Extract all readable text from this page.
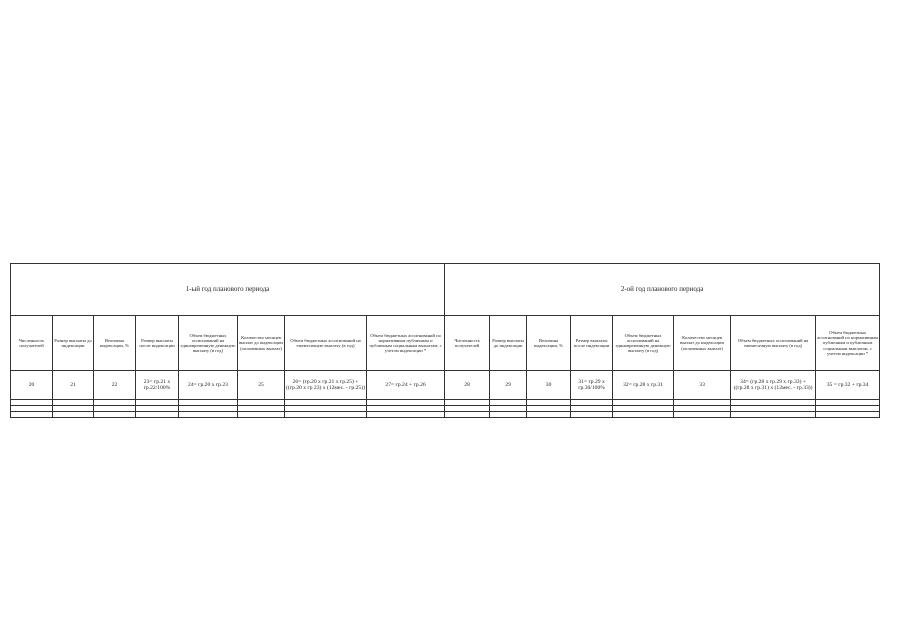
1-ый год планового периода								2-ой год планового периода							
Численность получателей	Размер выплаты до индексации	Величина индексации, %	Размер выплаты после индексации	Объем бюджетных ассигнований на единовременную денежную выплату (в год)	Количество месяцев выплат до индексации (оплаченных выплат)	Объем бюджетных ассигнований на ежемесячную выплату (в год)	Объем бюджетных ассигнований по нормативным публичным и публичным социальным выплатам, с учетом индексации *	Численность получателей	Размер выплаты до индексации	Величина индексации, %	Размер выплаты после индексации	Объем бюджетных ассигнований на единовременную денежную выплату (в год)	Количество месяцев выплат до индексации (оплаченных выплат)	Объем бюджетных ассигнований на ежемесячную выплату (в год)	Объем бюджетных ассигнований по нормативным публичным и публичным социальным выплатам, с учетом индексации *
20	21	22	23= гр.21 х гр.22/100%	24= гр.20 х гр.23	25	26= (гр.20 х гр.21 х гр.25) + ((гр.20 х гр 23) х (12мес. - гр.25))	27= гр.24 + гр.26	28	29	30	31= гр.29 х гр.30/100%	32= гр.28 х гр.31	33	34= (гр.28 х гр.29 х гр.33) + ((гр.28 х гр.31) х (12мес. - гр.33))	35 = гр.32 + гр.34
